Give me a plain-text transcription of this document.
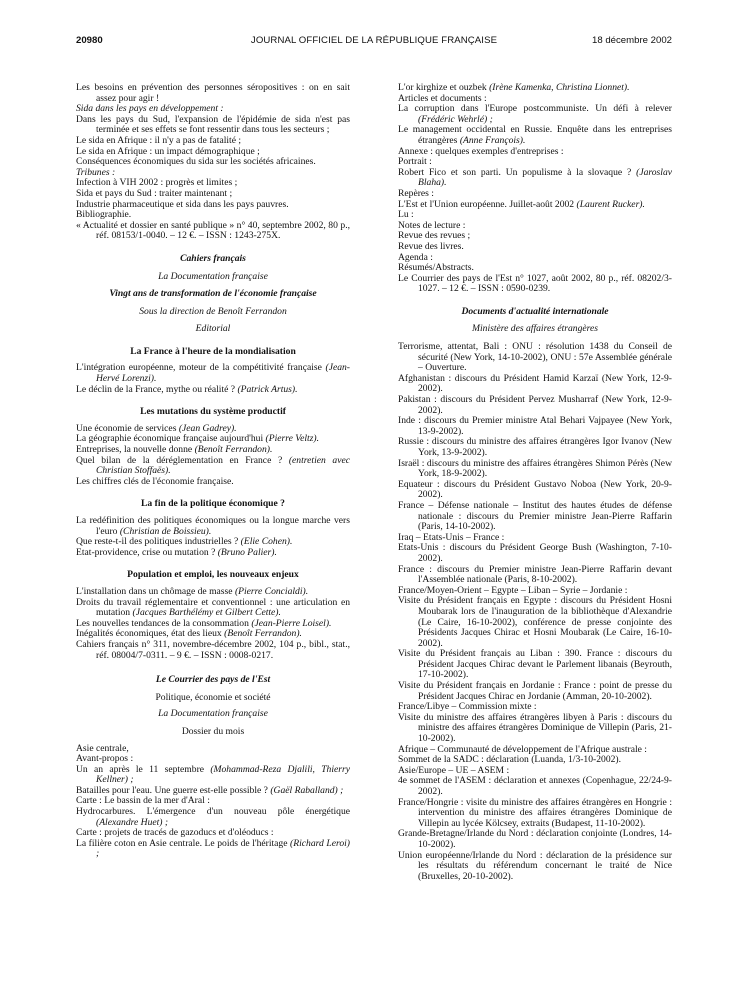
20980	JOURNAL OFFICIEL DE LA RÉPUBLIQUE FRANÇAISE	18 décembre 2002

Les besoins en prévention des personnes séropositives : on en sait assez pour agir !

Sida dans les pays en développement :

Dans les pays du Sud, l'expansion de l'épidémie de sida n'est pas terminée et ses effets se font ressentir dans tous les secteurs ;

Le sida en Afrique : il n'y a pas de fatalité ;

Le sida en Afrique : un impact démographique ;

Conséquences économiques du sida sur les sociétés africaines.

Tribunes :

Infection à VIH 2002 : progrès et limites ;

Sida et pays du Sud : traiter maintenant ;

Industrie pharmaceutique et sida dans les pays pauvres.

Bibliographie.

« Actualité et dossier en santé publique » n° 40, septembre 2002, 80 p., réf. 08153/1-0040. – 12 €. – ISSN : 1243-275X.

Cahiers français
La Documentation française
Vingt ans de transformation de l'économie française
Sous la direction de Benoît Ferrandon
Editorial
La France à l'heure de la mondialisation

L'intégration européenne, moteur de la compétitivité française (Jean-Hervé Lorenzi).

Le déclin de la France, mythe ou réalité ? (Patrick Artus).

Les mutations du système productif

Une économie de services (Jean Gadrey).

La géographie économique française aujourd'hui (Pierre Veltz).

Entreprises, la nouvelle donne (Benoît Ferrandon).

Quel bilan de la déréglementation en France ? (entretien avec Christian Stoffaës).

Les chiffres clés de l'économie française.

La fin de la politique économique ?

La redéfinition des politiques économiques ou la longue marche vers l'euro (Christian de Boissieu).

Que reste-t-il des politiques industrielles ? (Elie Cohen).

Etat-providence, crise ou mutation ? (Bruno Palier).

Population et emploi, les nouveaux enjeux

L'installation dans un chômage de masse (Pierre Concialdi).

Droits du travail réglementaire et conventionnel : une articulation en mutation (Jacques Barthélémy et Gilbert Cette).

Les nouvelles tendances de la consommation (Jean-Pierre Loisel).

Inégalités économiques, état des lieux (Benoît Ferrandon).

Cahiers français n° 311, novembre-décembre 2002, 104 p., bibl., stat., réf. 08004/7-0311. – 9 €. – ISSN : 0008-0217.

Le Courrier des pays de l'Est
Politique, économie et société
La Documentation française
Dossier du mois

Asie centrale,

Avant-propos :

Un an après le 11 septembre (Mohammad-Reza Djalili, Thierry Kellner) ;

Batailles pour l'eau. Une guerre est-elle possible ? (Gaël Raballand) ;

Carte : Le bassin de la mer d'Aral :

Hydrocarbures. L'émergence d'un nouveau pôle énergétique (Alexandre Huet) ;

Carte : projets de tracés de gazoducs et d'oléoducs :

La filière coton en Asie centrale. Le poids de l'héritage (Richard Leroi) ;

L'or kirghize et ouzbek (Irène Kamenka, Christina Lionnet).

Articles et documents :

La corruption dans l'Europe postcommuniste. Un défi à relever (Frédéric Wehrlé) ;

Le management occidental en Russie. Enquête dans les entreprises étrangères (Anne François).

Annexe : quelques exemples d'entreprises :

Portrait :

Robert Fico et son parti. Un populisme à la slovaque ? (Jaroslav Blaha).

Repères :

L'Est et l'Union européenne. Juillet-août 2002 (Laurent Rucker).

Lu :

Notes de lecture :

Revue des revues ;

Revue des livres.

Agenda :

Résumés/Abstracts.

Le Courrier des pays de l'Est n° 1027, août 2002, 80 p., réf. 08202/3-1027. – 12 €. – ISSN : 0590-0239.

Documents d'actualité internationale
Ministère des affaires étrangères

Terrorisme, attentat, Bali : ONU : résolution 1438 du Conseil de sécurité (New York, 14-10-2002), ONU : 57e Assemblée générale – Ouverture.

Afghanistan : discours du Président Hamid Karzaï (New York, 12-9-2002).

Pakistan : discours du Président Pervez Musharraf (New York, 12-9-2002).

Inde : discours du Premier ministre Atal Behari Vajpayee (New York, 13-9-2002).

Russie : discours du ministre des affaires étrangères Igor Ivanov (New York, 13-9-2002).

Israël : discours du ministre des affaires étrangères Shimon Pérès (New York, 18-9-2002).

Equateur : discours du Président Gustavo Noboa (New York, 20-9-2002).

France – Défense nationale – Institut des hautes études de défense nationale : discours du Premier ministre Jean-Pierre Raffarin (Paris, 14-10-2002).

Iraq – Etats-Unis – France :

Etats-Unis : discours du Président George Bush (Washington, 7-10-2002).

France : discours du Premier ministre Jean-Pierre Raffarin devant l'Assemblée nationale (Paris, 8-10-2002).

France/Moyen-Orient – Egypte – Liban – Syrie – Jordanie :

Visite du Président français en Egypte : discours du Président Hosni Moubarak lors de l'inauguration de la bibliothèque d'Alexandrie (Le Caire, 16-10-2002), conférence de presse conjointe des Présidents Jacques Chirac et Hosni Moubarak (Le Caire, 16-10-2002).

Visite du Président français au Liban : 390. France : discours du Président Jacques Chirac devant le Parlement libanais (Beyrouth, 17-10-2002).

Visite du Président français en Jordanie : France : point de presse du Président Jacques Chirac en Jordanie (Amman, 20-10-2002).

France/Libye – Commission mixte :

Visite du ministre des affaires étrangères libyen à Paris : discours du ministre des affaires étrangères Dominique de Villepin (Paris, 21-10-2002).

Afrique – Communauté de développement de l'Afrique australe :

Sommet de la SADC : déclaration (Luanda, 1/3-10-2002).

Asie/Europe – UE – ASEM :

4e sommet de l'ASEM : déclaration et annexes (Copenhague, 22/24-9-2002).

France/Hongrie : visite du ministre des affaires étrangères en Hongrie : intervention du ministre des affaires étrangères Dominique de Villepin au lycée Kölcsey, extraits (Budapest, 11-10-2002).

Grande-Bretagne/Irlande du Nord : déclaration conjointe (Londres, 14-10-2002).

Union européenne/Irlande du Nord : déclaration de la présidence sur les résultats du référendum concernant le traité de Nice (Bruxelles, 20-10-2002).
